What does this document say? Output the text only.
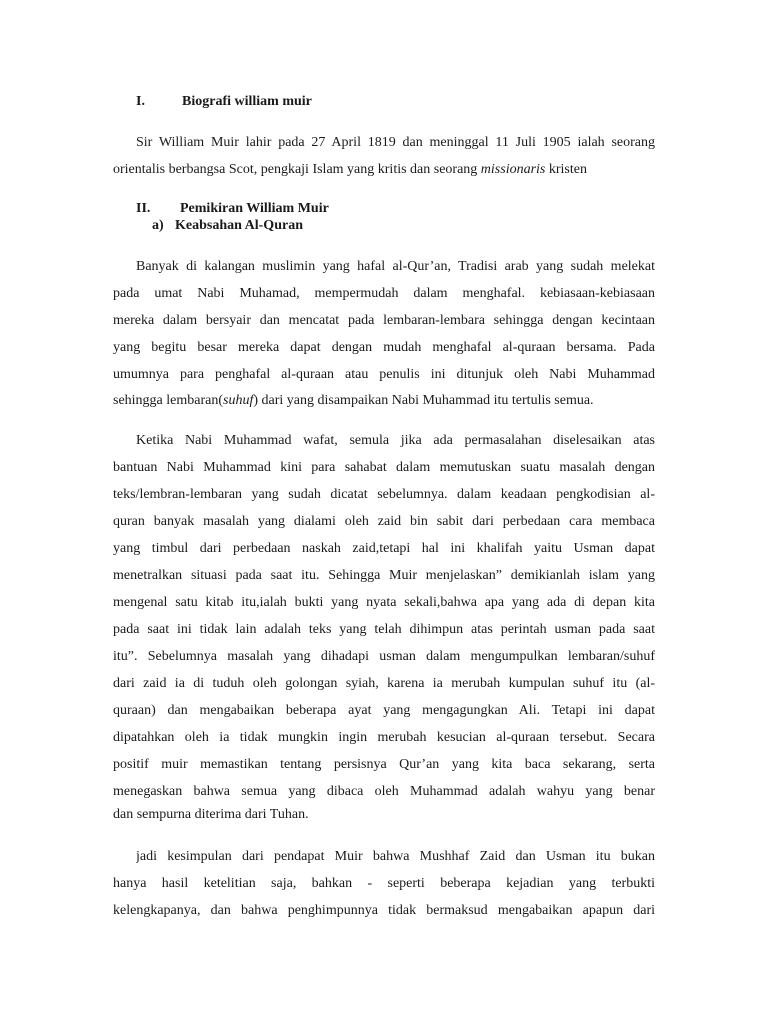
I.	Biografi william muir
Sir William Muir lahir pada 27 April 1819 dan meninggal 11 Juli 1905 ialah seorang
orientalis berbangsa Scot, pengkaji Islam yang kritis dan seorang missionaris kristen
II. Pemikiran William Muir
a) Keabsahan Al-Quran
Banyak di kalangan muslimin yang hafal al-Qur’an, Tradisi arab yang sudah melekat
pada umat Nabi Muhamad, mempermudah dalam menghafal. kebiasaan-kebiasaan
mereka dalam bersyair dan mencatat pada lembaran-lembara sehingga dengan kecintaan
yang begitu besar mereka dapat dengan mudah menghafal al-quraan bersama. Pada
umumnya para penghafal al-quraan atau penulis ini ditunjuk oleh Nabi Muhammad
sehingga lembaran(suhuf) dari yang disampaikan Nabi Muhammad itu tertulis semua.
Ketika Nabi Muhammad wafat, semula jika ada permasalahan diselesaikan atas
bantuan Nabi Muhammad kini para sahabat dalam memutuskan suatu masalah dengan
teks/lembran-lembaran yang sudah dicatat sebelumnya. dalam keadaan pengkodisian al-
quran banyak masalah yang dialami oleh zaid bin sabit dari perbedaan cara membaca
yang timbul dari perbedaan naskah zaid,tetapi hal ini khalifah yaitu Usman dapat
menetralkan situasi pada saat itu. Sehingga Muir menjelaskan” demikianlah islam yang
mengenal satu kitab itu,ialah bukti yang nyata sekali,bahwa apa yang ada di depan kita
pada saat ini tidak lain adalah teks yang telah dihimpun atas perintah usman pada saat
itu”. Sebelumnya masalah yang dihadapi usman dalam mengumpulkan lembaran/suhuf
dari zaid ia di tuduh oleh golongan syiah, karena ia merubah kumpulan suhuf itu (al-
quraan) dan mengabaikan beberapa ayat yang mengagungkan Ali. Tetapi ini dapat
dipatahkan oleh ia tidak mungkin ingin merubah kesucian al-quraan tersebut. Secara
positif muir memastikan tentang persisnya Qur’an yang kita baca sekarang, serta
menegaskan bahwa semua yang dibaca oleh Muhammad adalah wahyu yang benar
dan sempurna diterima dari Tuhan.
jadi kesimpulan dari pendapat Muir bahwa Mushhaf Zaid dan Usman itu bukan
hanya hasil ketelitian saja, bahkan - seperti beberapa kejadian yang terbukti
kelengkapanya, dan bahwa penghimpunnya tidak bermaksud mengabaikan apapun dari
